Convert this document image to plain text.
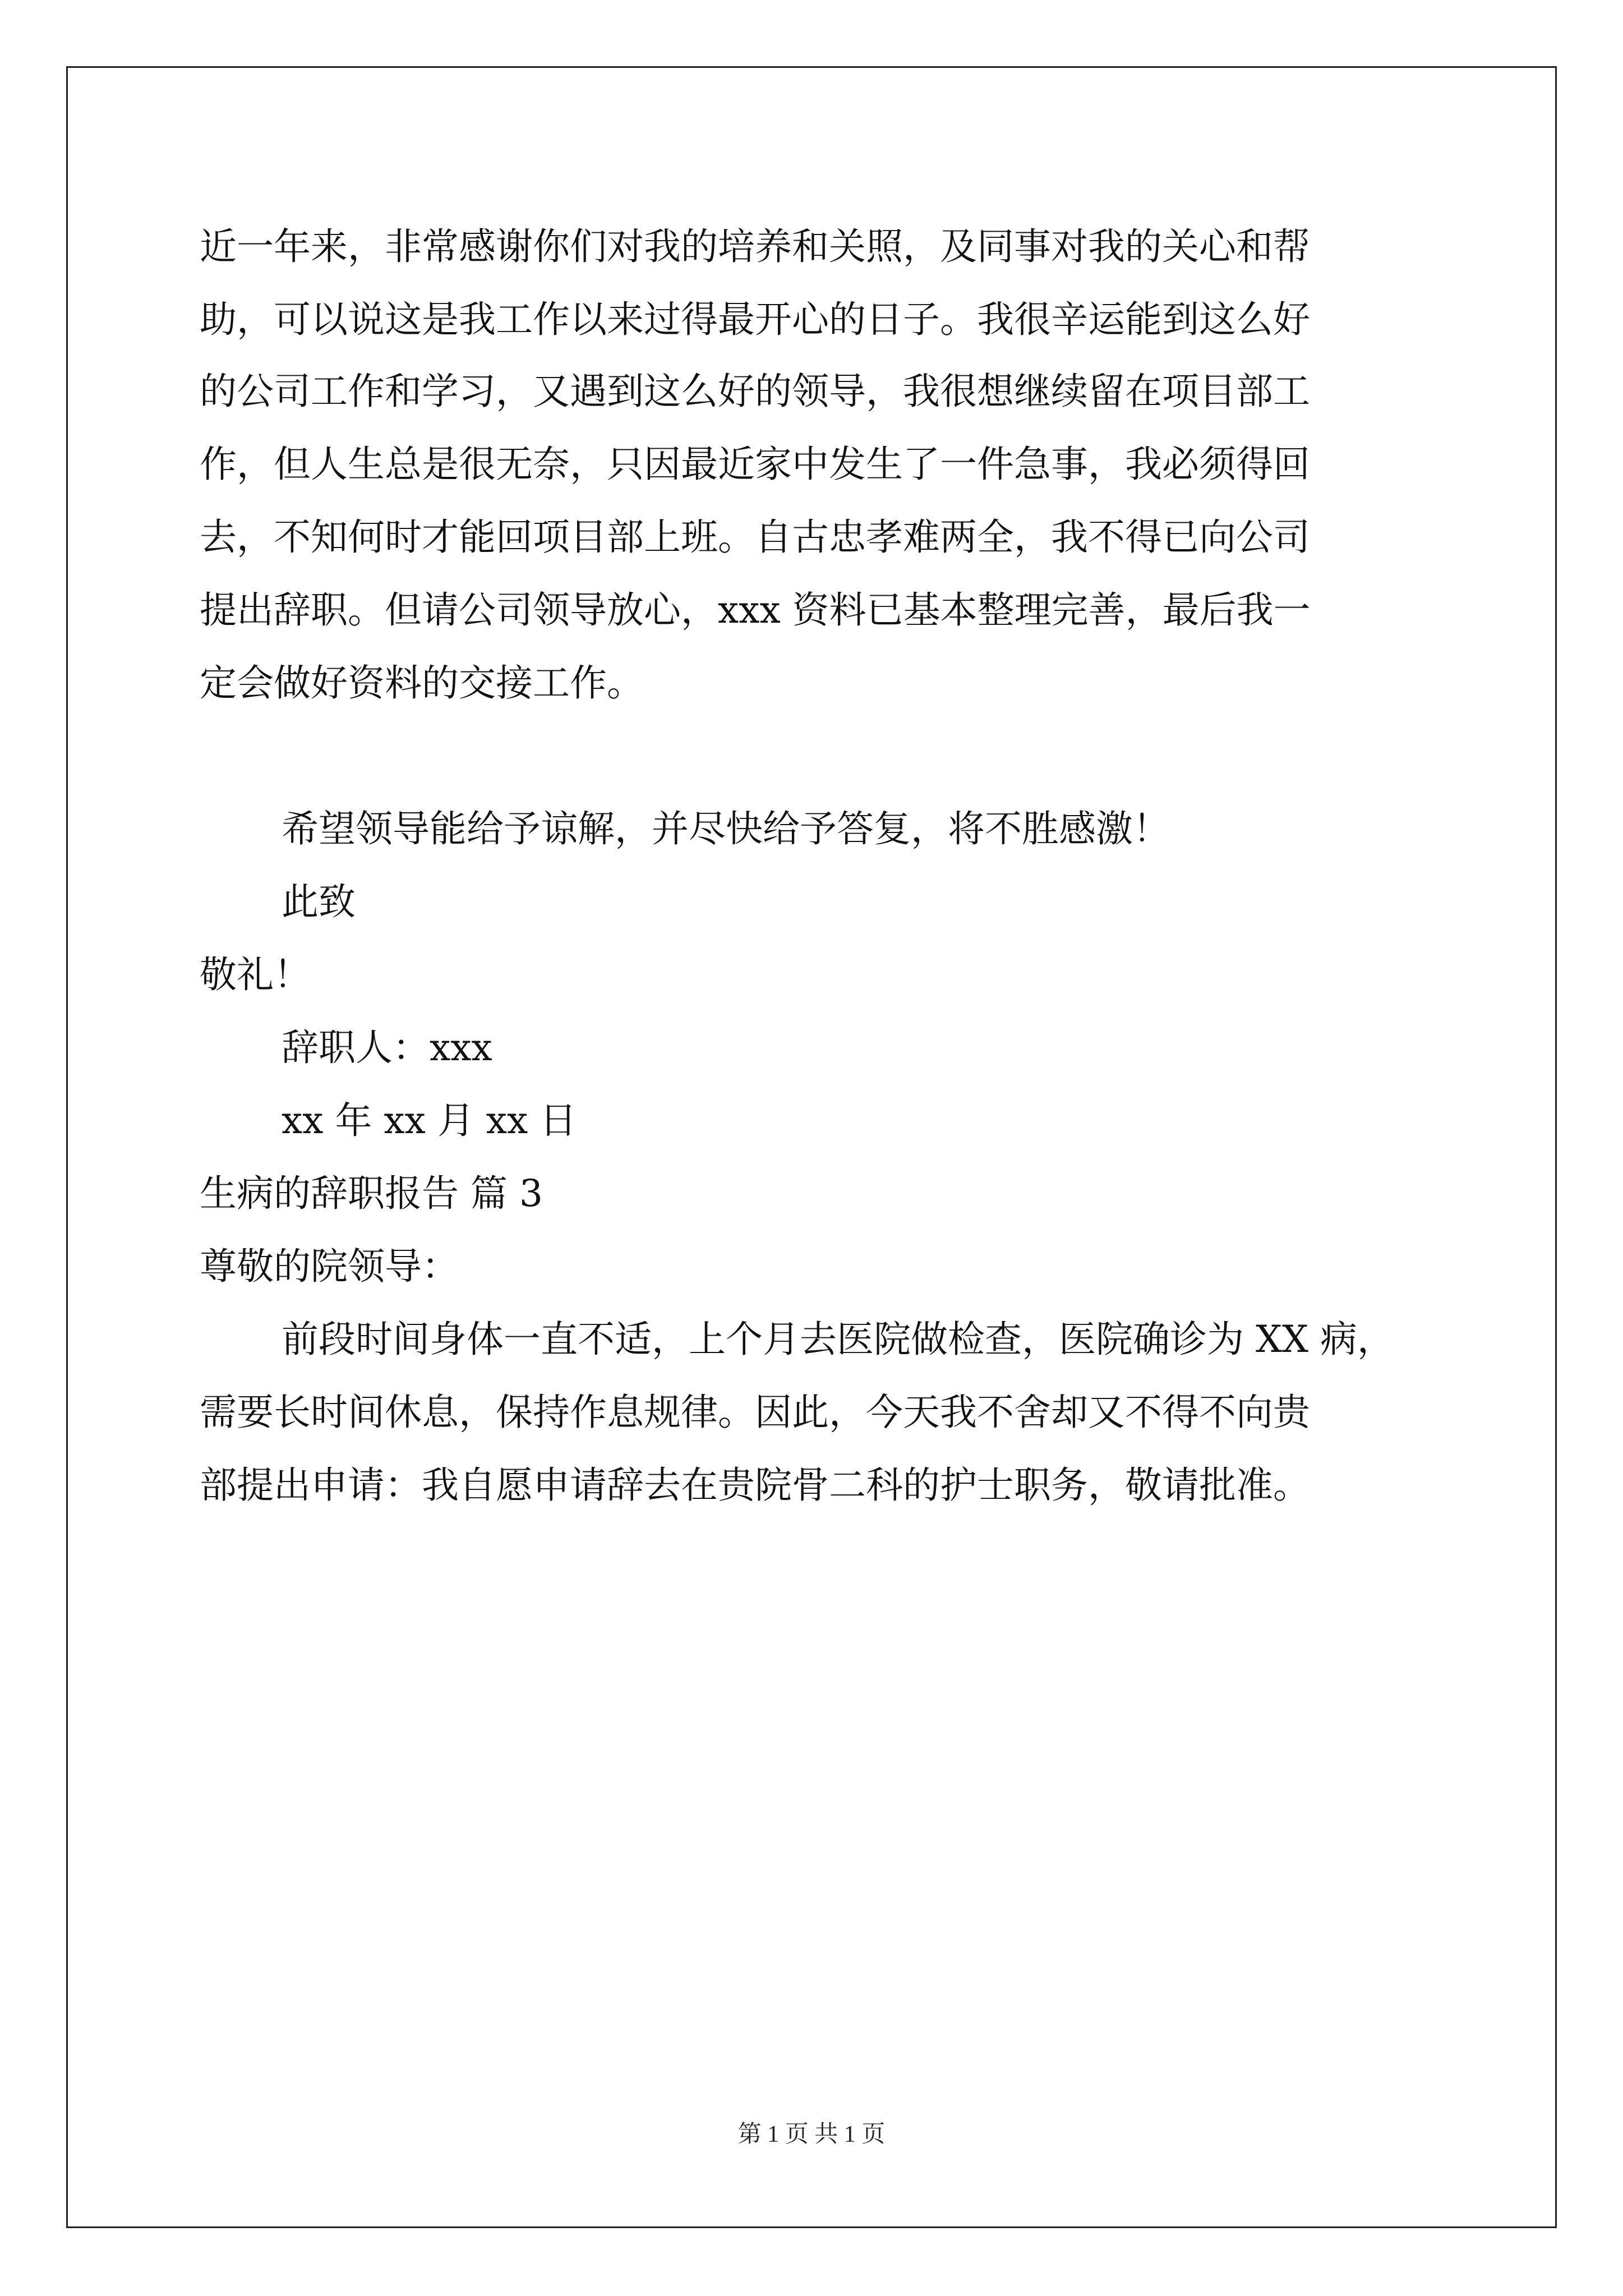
近一年来，非常感谢你们对我的培养和关照，及同事对我的关心和帮

助，可以说这是我工作以来过得最开心的日子。我很辛运能到这么好

的公司工作和学习，又遇到这么好的领导，我很想继续留在项目部工

作，但人生总是很无奈，只因最近家中发生了一件急事，我必须得回

去，不知何时才能回项目部上班。自古忠孝难两全，我不得已向公司

提出辞职。但请公司领导放心，xxx 资料已基本整理完善，最后我一

定会做好资料的交接工作。

希望领导能给予谅解，并尽快给予答复，将不胜感激！

此致

敬礼！

辞职人：xxx

xx 年 xx 月 xx 日

生病的辞职报告 篇 3

尊敬的院领导：

前段时间身体一直不适，上个月去医院做检查，医院确诊为 XX 病，

需要长时间休息，保持作息规律。因此，今天我不舍却又不得不向贵

部提出申请：我自愿申请辞去在贵院骨二科的护士职务，敬请批准。

第 1 页 共 1 页
